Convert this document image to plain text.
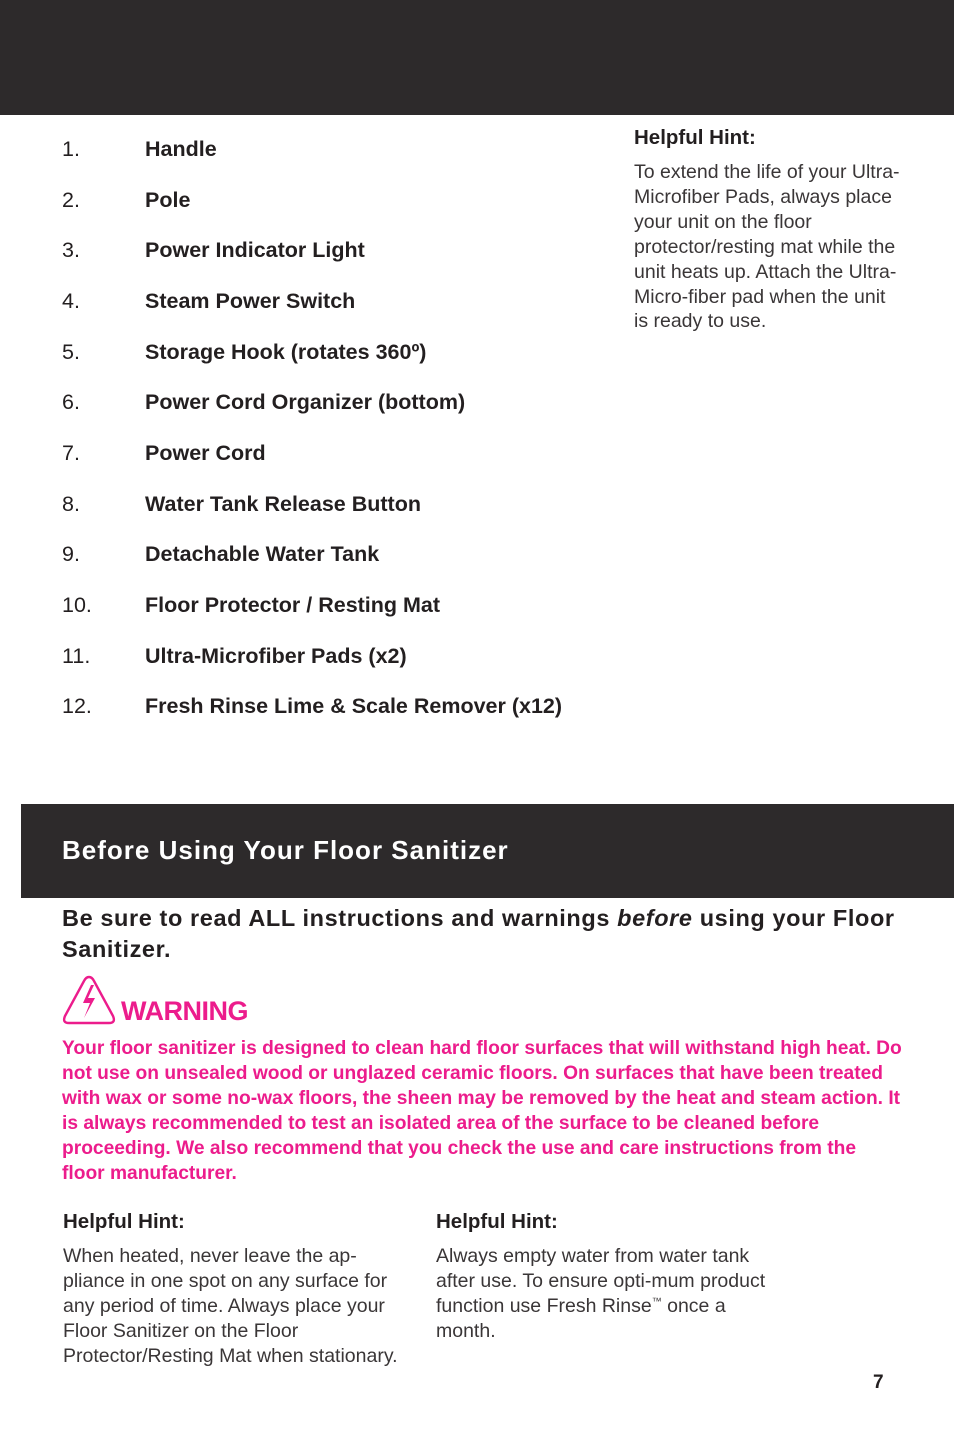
1.	Handle
2.	Pole
3.	Power Indicator Light
4.	Steam Power Switch
5.	Storage Hook (rotates 360º)
6.	Power Cord Organizer (bottom)
7.	Power Cord
8.	Water Tank Release Button
9.	Detachable Water Tank
10.	Floor Protector / Resting Mat
11.	Ultra-Microfiber Pads (x2)
12.	Fresh Rinse Lime & Scale Remover (x12)

Helpful Hint:

To extend the life of your Ultra-Microfiber Pads, always place your unit on the floor protector/resting mat while the unit heats up. Attach the Ultra-Micro-fiber pad when the unit is ready to use.

Before Using Your Floor Sanitizer

Be sure to read ALL instructions and warnings before using your Floor Sanitizer.

WARNING

Your floor sanitizer is designed to clean hard floor surfaces that will withstand high heat. Do not use on unsealed wood or unglazed ceramic floors. On surfaces that have been treated with wax or some no-wax floors, the sheen may be removed by the heat and steam action. It is always recommended to test an isolated area of the surface to be cleaned before proceeding. We also recommend that you check the use and care instructions from the floor manufacturer.

Helpful Hint:

When heated, never leave the ap-pliance in one spot on any surface for any period of time. Always place your Floor Sanitizer on the Floor Protector/Resting Mat when stationary.

Helpful Hint:

Always empty water from water tank after use. To ensure opti-mum product function use Fresh Rinse™ once a month.

7
